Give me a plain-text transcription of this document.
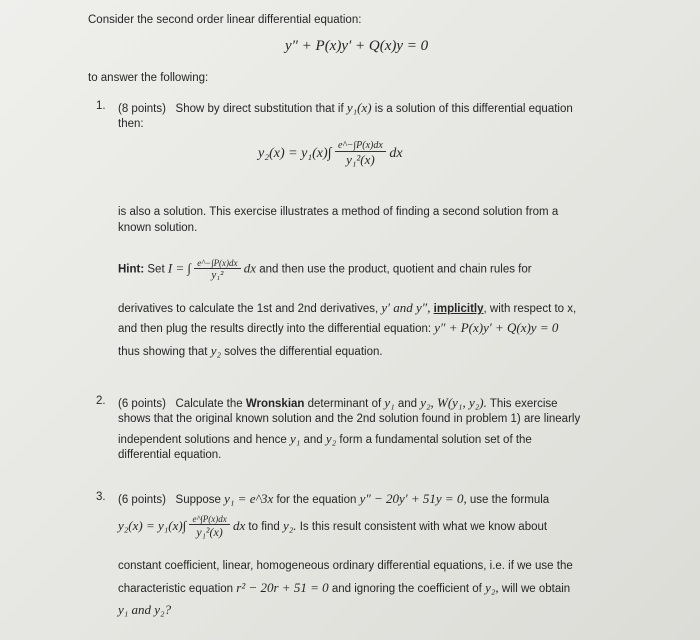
Consider the second order linear differential equation:
y″ + P(x)y′ + Q(x)y = 0
to answer the following:
1. (8 points) Show by direct substitution that if y₁(x) is a solution of this differential equation
then:
$y_2(x) = y_1(x)\int \frac{e\^{}-\int P(x)dx}{\text{y₁²(x)}}$ dx
is also a solution. This exercise illustrates a method of finding a second solution from a
known solution.
Hint: Set I = ∫ $\frac{e\^{}-\int P(x)dx}{\text{y₁²}}$ dx and then use the product, quotient and chain rules for
derivatives to calculate the 1st and 2nd derivatives, y′ and y″, implicitly, with respect to x,
and then plug the results directly into the differential equation: y″ + P(x)y′ + Q(x)y = 0
thus showing that y₂ solves the differential equation.
2. (6 points) Calculate the Wronskian determinant of y₁ and y₂, W(y₁, y₂). This exercise
shows that the original known solution and the 2nd solution found in problem 1) are linearly
independent solutions and hence y₁ and y₂ form a fundamental solution set of the
differential equation.
3. (6 points) Suppose y₁ = e^3x for the equation y″ − 20y′ + 51y = 0, use the formula
$y_2(x) = y_1(x)\int \frac{e\^{}\int P(x)dx}{\text{y₁²(x)}}$ dx to find y₂. Is this result consistent with what we know about
constant coefficient, linear, homogeneous ordinary differential equations, i.e. if we use the
characteristic equation r² − 20r + 51 = 0 and ignoring the coefficient of y₂, will we obtain
y₁ and y₂?
